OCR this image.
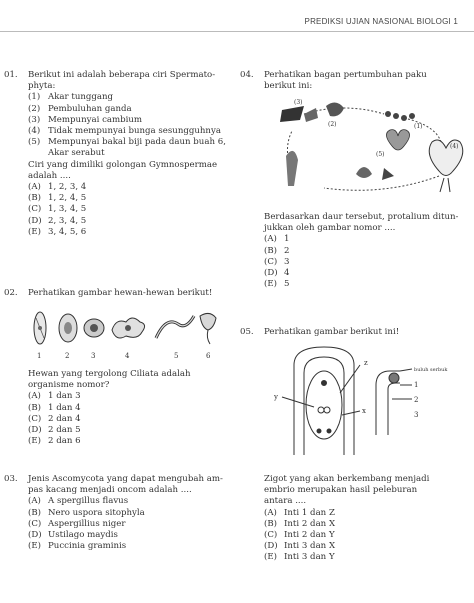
PREDIKSI UJIAN NASIONAL BIOLOGI 1
01. Berikut ini adalah beberapa ciri Spermato-

phyta:

(1) Akar tunggang
(2) Pembuluhan ganda
(3) Mempunyai cambium
(4) Tidak mempunyai bunga sesungguhnya
(5) Mempunyai bakal biji pada daun buah 6,
Akar serabut

Ciri yang dimiliki golongan Gymnospermae

adalah ....

(A) 1, 2, 3, 4
(B) 1, 2, 4, 5
(C) 1, 3, 4, 5
(D) 2, 3, 4, 5
(E) 3, 4, 5, 6
02. Perhatikan gambar hewan-hewan berikut!

1	2	3	4	5	6

Hewan yang tergolong Ciliata adalah

organisme nomor?

(A) 1 dan 3
(B) 1 dan 4
(C) 2 dan 4
(D) 2 dan 5
(E) 2 dan 6
03. Jenis Ascomycota yang dapat mengubah am-

pas kacang menjadi oncom adalah ....

(A) A spergillus flavus
(B) Nero uspora sitophyla
(C) Aspergillius niger
(D) Ustilago maydis
(E) Puccinia graminis
04. Perhatikan bagan pertumbuhan paku

berikut ini:

(3)
(2)	(1)
(5)
(4)

Berdasarkan daur tersebut, protalium ditun-

jukkan oleh gambar nomor ....

(A) 1
(B) 2
(C) 3
(D) 4
(E) 5
05. Perhatikan gambar berikut ini!

z
x
y
buluh serbuk
1
2
3

Zigot yang akan berkembang menjadi

embrio merupakan hasil peleburan

antara ....

(A) Inti 1 dan Z
(B) Inti 2 dan X
(C) Inti 2 dan Y
(D) Inti 3 dan X
(E) Inti 3 dan Y
